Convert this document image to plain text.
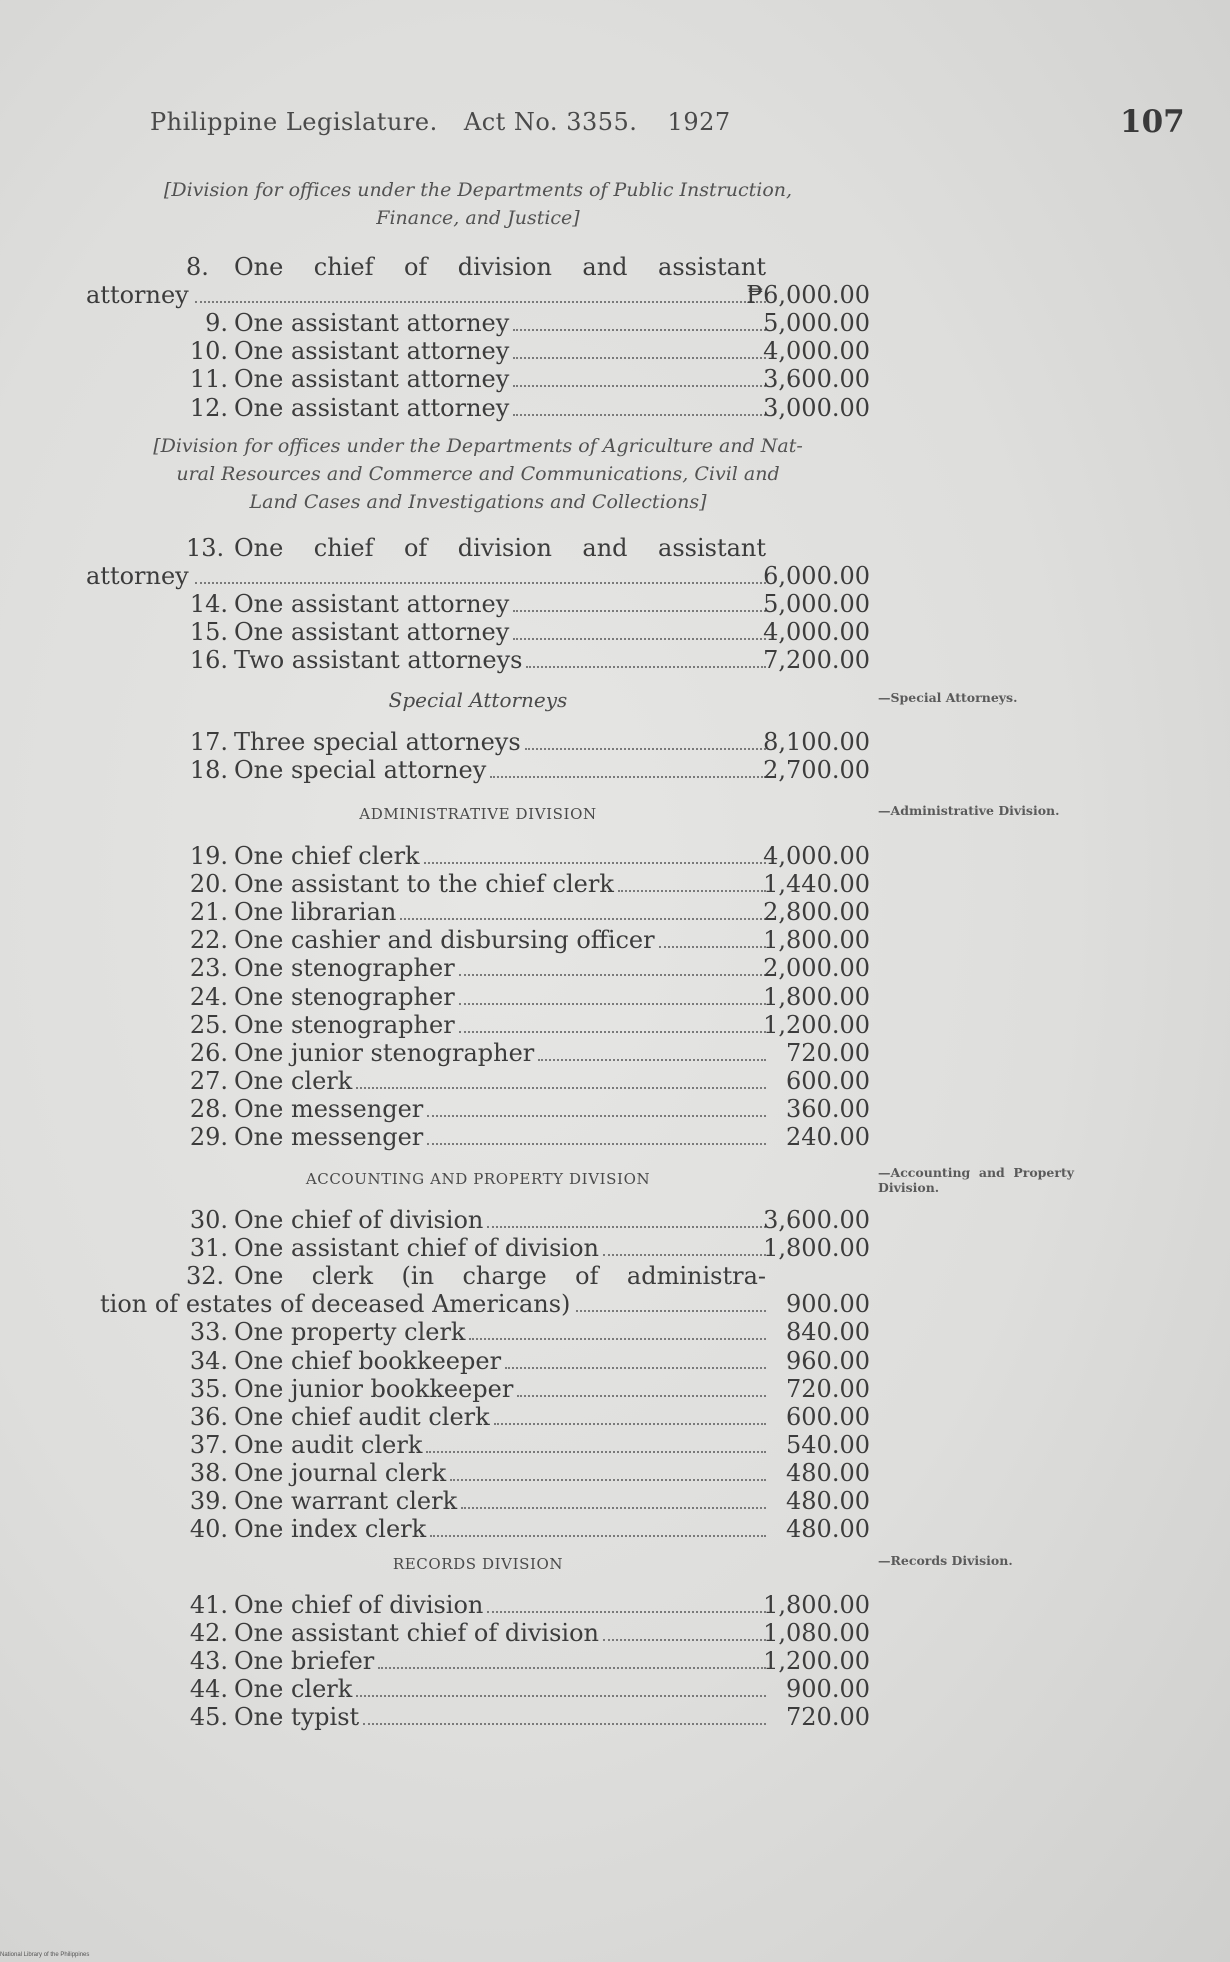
Philippine Legislature. Act No. 3355. 1927	107
[Division for offices under the Departments of Public Instruction,
Finance, and Justice]
8. One chief of division and assistant
attorney	₱6,000.00
9. One assistant attorney	5,000.00
10. One assistant attorney	4,000.00
11. One assistant attorney	3,600.00
12. One assistant attorney	3,000.00
[Division for offices under the Departments of Agriculture and Nat-
ural Resources and Commerce and Communications, Civil and
Land Cases and Investigations and Collections]
13. One chief of division and assistant
attorney	6,000.00
14. One assistant attorney	5,000.00
15. One assistant attorney	4,000.00
16. Two assistant attorneys	7,200.00
Special Attorneys	—Special Attorneys.
17. Three special attorneys	8,100.00
18. One special attorney	2,700.00
ADMINISTRATIVE DIVISION	—Administrative Division.
19. One chief clerk	4,000.00
20. One assistant to the chief clerk	1,440.00
21. One librarian	2,800.00
22. One cashier and disbursing officer	1,800.00
23. One stenographer	2,000.00
24. One stenographer	1,800.00
25. One stenographer	1,200.00
26. One junior stenographer	720.00
27. One clerk	600.00
28. One messenger	360.00
29. One messenger	240.00
ACCOUNTING AND PROPERTY DIVISION	—Accounting and Property Division.
30. One chief of division	3,600.00
31. One assistant chief of division	1,800.00
32. One clerk (in charge of administra-
tion of estates of deceased Americans)	900.00
33. One property clerk	840.00
34. One chief bookkeeper	960.00
35. One junior bookkeeper	720.00
36. One chief audit clerk	600.00
37. One audit clerk	540.00
38. One journal clerk	480.00
39. One warrant clerk	480.00
40. One index clerk	480.00
RECORDS DIVISION	—Records Division.
41. One chief of division	1,800.00
42. One assistant chief of division	1,080.00
43. One briefer	1,200.00
44. One clerk	900.00
45. One typist	720.00
National Library of the Philippines
